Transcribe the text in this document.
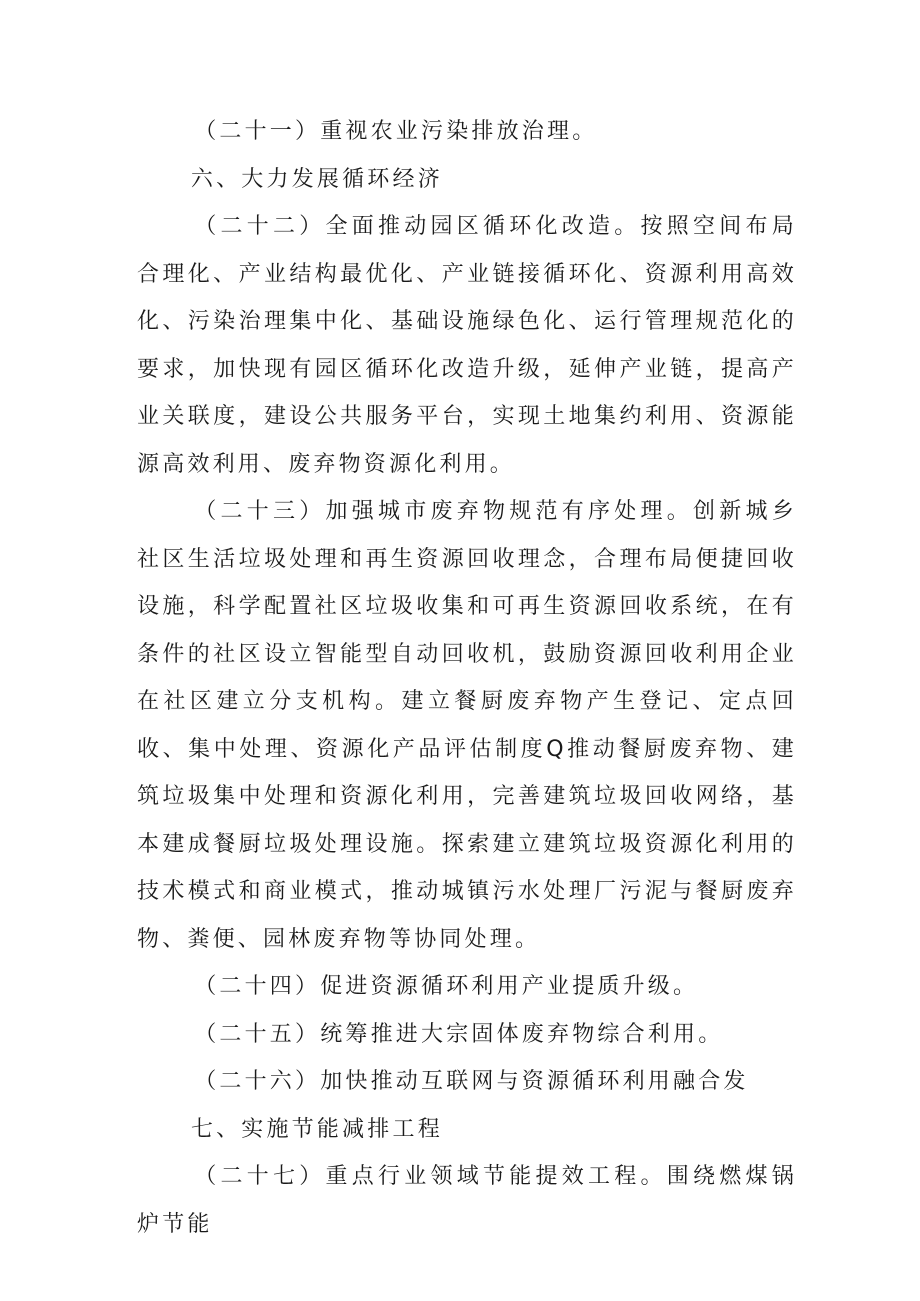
（二十一）重视农业污染排放治理。

六、大力发展循环经济

（二十二）全面推动园区循环化改造。按照空间布局合理化、产业结构最优化、产业链接循环化、资源利用高效化、污染治理集中化、基础设施绿色化、运行管理规范化的要求，加快现有园区循环化改造升级，延伸产业链，提高产业关联度，建设公共服务平台，实现土地集约利用、资源能源高效利用、废弃物资源化利用。

（二十三）加强城市废弃物规范有序处理。创新城乡社区生活垃圾处理和再生资源回收理念，合理布局便捷回收设施，科学配置社区垃圾收集和可再生资源回收系统，在有条件的社区设立智能型自动回收机，鼓励资源回收利用企业在社区建立分支机构。建立餐厨废弃物产生登记、定点回收、集中处理、资源化产品评估制度Q推动餐厨废弃物、建筑垃圾集中处理和资源化利用，完善建筑垃圾回收网络，基本建成餐厨垃圾处理设施。探索建立建筑垃圾资源化利用的技术模式和商业模式，推动城镇污水处理厂污泥与餐厨废弃物、粪便、园林废弃物等协同处理。

（二十四）促进资源循环利用产业提质升级。

（二十五）统筹推进大宗固体废弃物综合利用。

（二十六）加快推动互联网与资源循环利用融合发

七、实施节能减排工程

（二十七）重点行业领域节能提效工程。围绕燃煤锅炉节能
